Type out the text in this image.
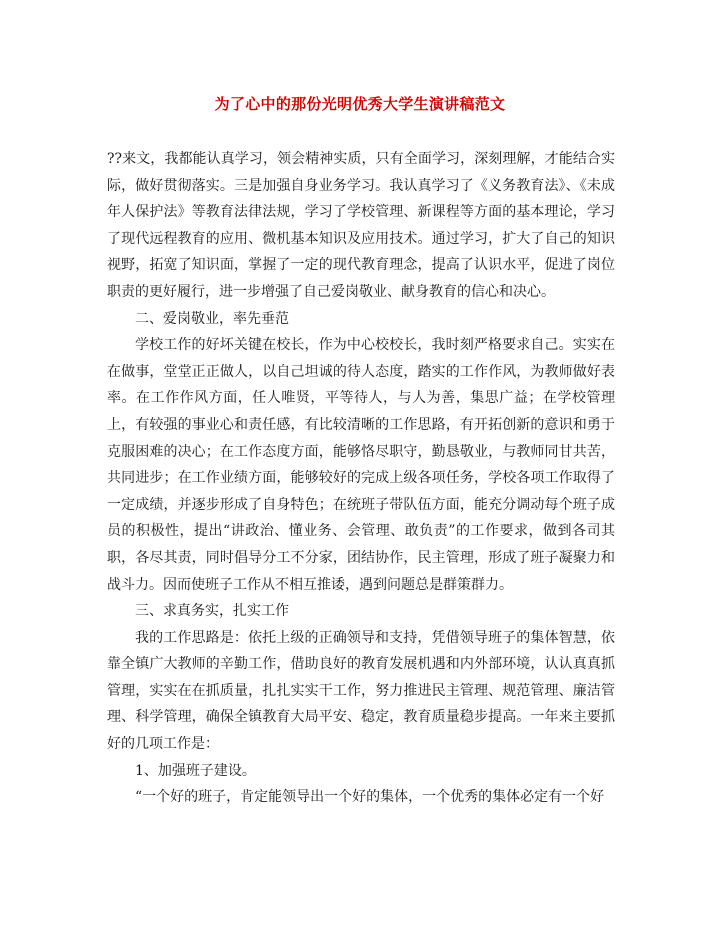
为了心中的那份光明优秀大学生演讲稿范文

??来文，我都能认真学习，领会精神实质，只有全面学习，深刻理解，才能结合实际，做好贯彻落实。三是加强自身业务学习。我认真学习了《义务教育法》、《未成年人保护法》等教育法律法规，学习了学校管理、新课程等方面的基本理论，学习了现代远程教育的应用、微机基本知识及应用技术。通过学习，扩大了自己的知识视野，拓宽了知识面，掌握了一定的现代教育理念，提高了认识水平，促进了岗位职责的更好履行，进一步增强了自己爱岗敬业、献身教育的信心和决心。

二、爱岗敬业，率先垂范

学校工作的好坏关键在校长，作为中心校校长，我时刻严格要求自己。实实在在做事，堂堂正正做人，以自己坦诚的待人态度，踏实的工作作风，为教师做好表率。在工作作风方面，任人唯贤，平等待人，与人为善，集思广益；在学校管理上，有较强的事业心和责任感，有比较清晰的工作思路，有开拓创新的意识和勇于克服困难的决心；在工作态度方面，能够恪尽职守，勤恳敬业，与教师同甘共苦，共同进步；在工作业绩方面，能够较好的完成上级各项任务，学校各项工作取得了一定成绩，并逐步形成了自身特色；在统班子带队伍方面，能充分调动每个班子成员的积极性，提出“讲政治、懂业务、会管理、敢负责”的工作要求，做到各司其职，各尽其责，同时倡导分工不分家，团结协作，民主管理，形成了班子凝聚力和战斗力。因而使班子工作从不相互推诿，遇到问题总是群策群力。

三、求真务实，扎实工作

我的工作思路是：依托上级的正确领导和支持，凭借领导班子的集体智慧，依靠全镇广大教师的辛勤工作，借助良好的教育发展机遇和内外部环境，认认真真抓管理，实实在在抓质量，扎扎实实干工作，努力推进民主管理、规范管理、廉洁管理、科学管理，确保全镇教育大局平安、稳定，教育质量稳步提高。一年来主要抓好的几项工作是：

1、加强班子建设。

“一个好的班子，肯定能领导出一个好的集体，一个优秀的集体必定有一个好
